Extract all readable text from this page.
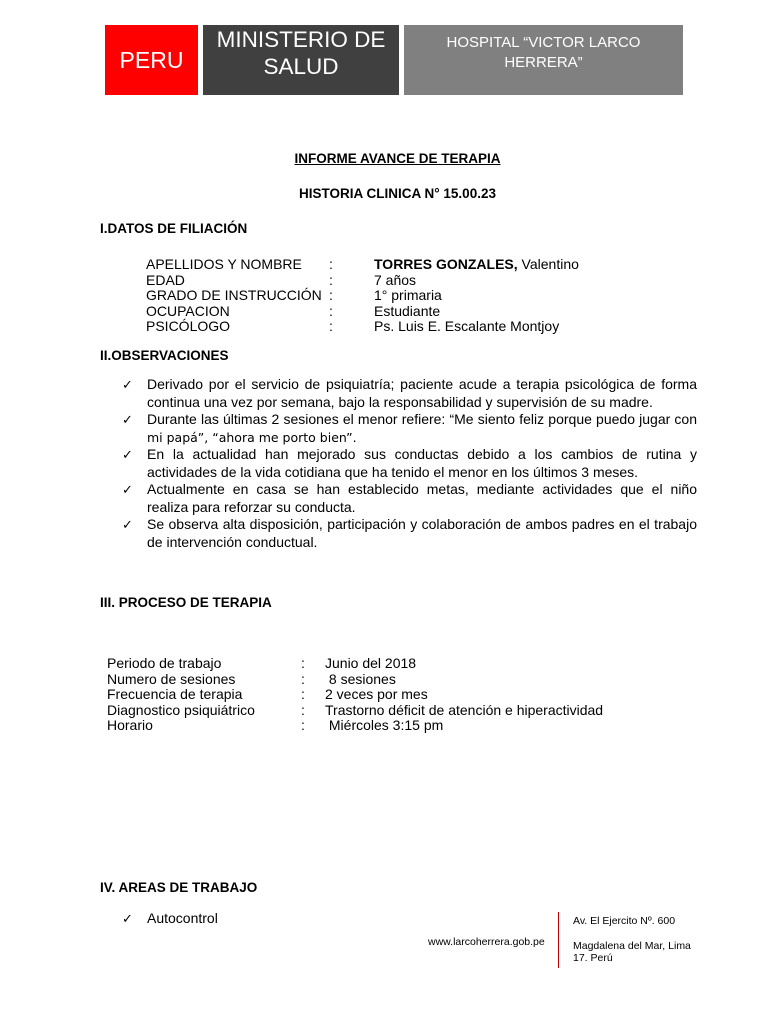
PERU
MINISTERIO DE
SALUD
HOSPITAL “VICTOR LARCO
HERRERA”
INFORME AVANCE DE TERAPIA
HISTORIA CLINICA N° 15.00.23
I.DATOS DE FILIACIÓN
APELLIDOS Y NOMBRE :	TORRES GONZALES, Valentino
EDAD	:	7 años
GRADO DE INSTRUCCIÓN :	1° primaria
OCUPACION	:	Estudiante
PSICÓLOGO	:	Ps. Luis E. Escalante Montjoy
II.OBSERVACIONES
✓ Derivado por el servicio de psiquiatría; paciente acude a terapia psicológica de forma continua una vez por semana, bajo la responsabilidad y supervisión de su madre.
✓ Durante las últimas 2 sesiones el menor refiere: “Me siento feliz porque puedo jugar con mi papá”, “ahora me porto bien”.
✓ En la actualidad han mejorado sus conductas debido a los cambios de rutina y actividades de la vida cotidiana que ha tenido el menor en los últimos 3 meses.
✓ Actualmente en casa se han establecido metas, mediante actividades que el niño realiza para reforzar su conducta.
✓ Se observa alta disposición, participación y colaboración de ambos padres en el trabajo de intervención conductual.
III. PROCESO DE TERAPIA
Periodo de trabajo	: Junio del 2018
Numero de sesiones	: 8 sesiones
Frecuencia de terapia	: 2 veces por mes
Diagnostico psiquiátrico	: Trastorno déficit de atención e hiperactividad
Horario	: Miércoles 3:15 pm
IV. AREAS DE TRABAJO
✓ Autocontrol
www.larcoherrera.gob.pe
Av. El Ejercito Nº. 600
Magdalena del Mar, Lima
17. Perú
